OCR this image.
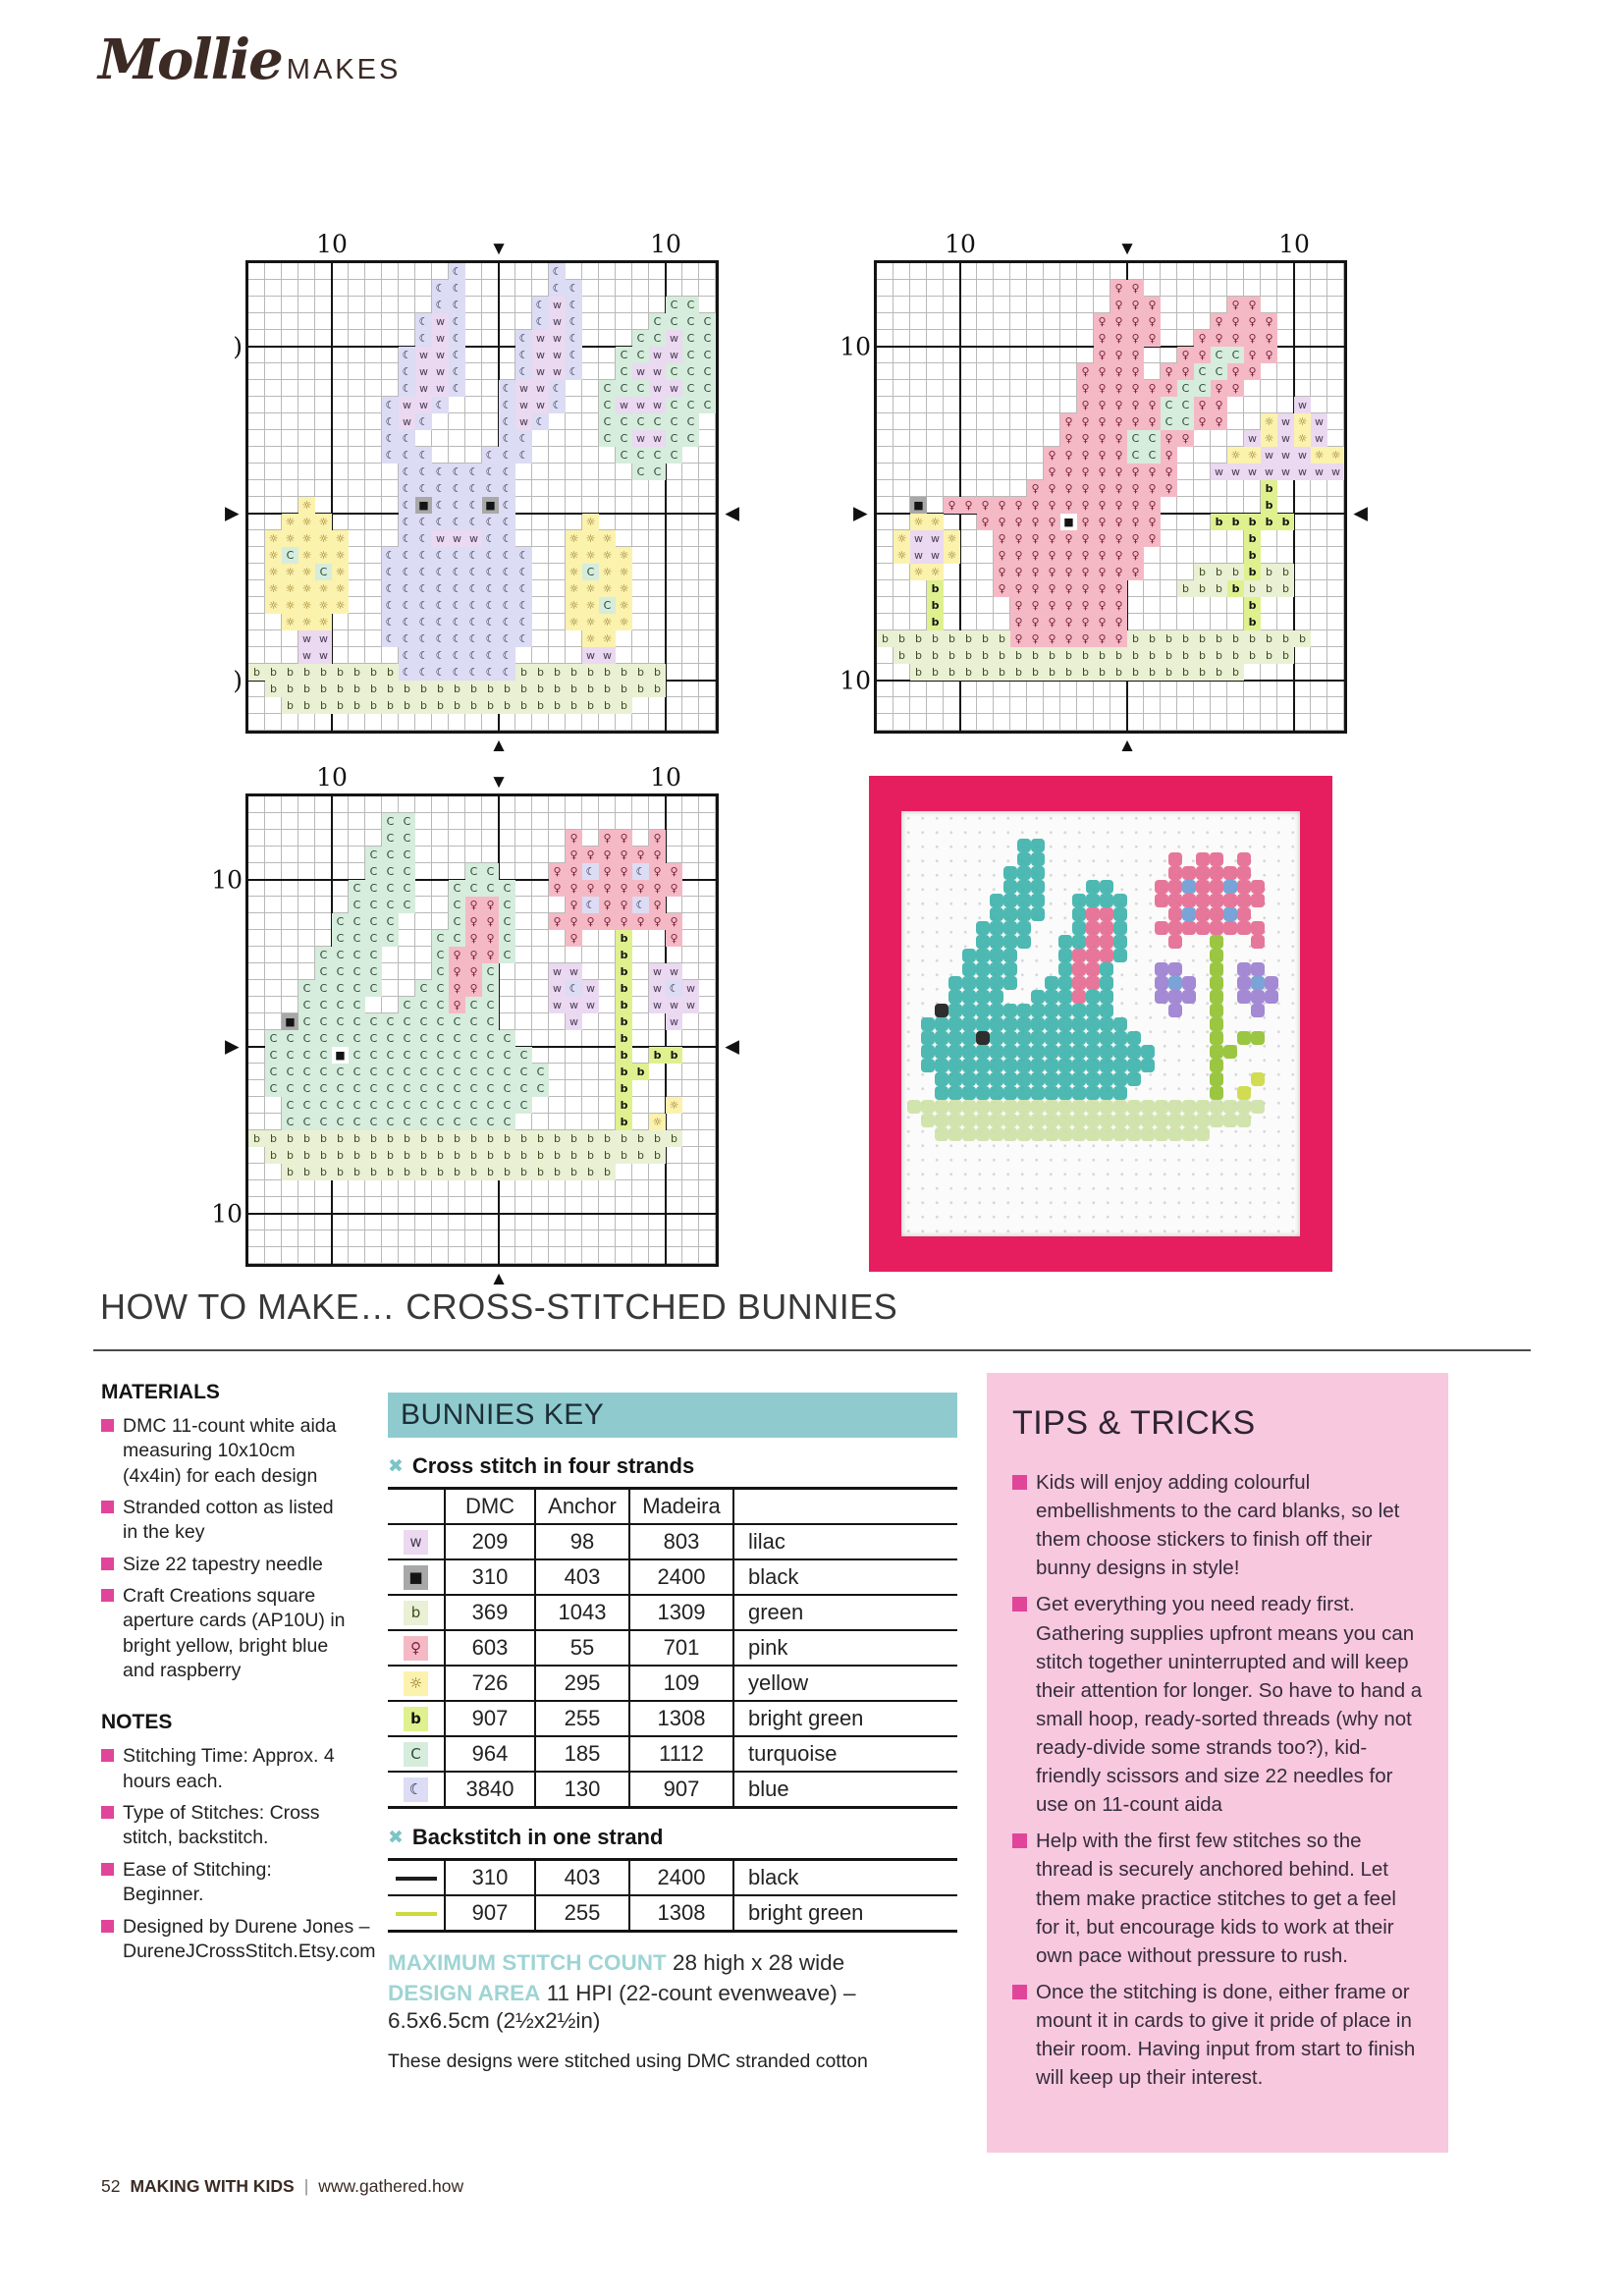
Mollie MAKES
☾	☾
☾ ☾	☾ ☾
☾ ☾	☾ w ☾	C C
☾ w ☾	☾ w ☾	C C C C
☾ w ☾	☾ w w ☾	C C w C C
☾ w w ☾	☾ w w ☾	C C w w C C
☾ w w ☾	☾ w w ☾	C w w C C C
☾ w w ☾	☾ w w ☾	C C C w w C C
☾ w w ☾	☾ w w ☾	C w w w C C C
☾ w ☾	☾ w ☾	C C C C C C
☾ ☾	☾ ☾	C C w w C C
☾ ☾ ☾	☾ ☾ ☾	C C C C
☾ ☾ ☾ ☾ ☾ ☾ ☾	C C
☾ ☾ ☾ ☾ ☾ ☾ ☾
☼	☾ ■ ☾ ☾ ☾ ■ ☾
☼ ☼ ☼	☾ ☾ ☾ ☾ ☾ ☾ ☾	☼
☼ ☼ ☼ ☼ ☼	☾ ☾ w w w ☾ ☾	☼ ☼ ☼
☼ C ☼ ☼ ☼	☾ ☾ ☾ ☾ ☾ ☾ ☾ ☾ ☾	☼ ☼ ☼ ☼
☼ ☼ ☼ C ☼	☾ ☾ ☾ ☾ ☾ ☾ ☾ ☾ ☾	☼ C ☼ ☼
☼ ☼ ☼ ☼ ☼	☾ ☾ ☾ ☾ ☾ ☾ ☾ ☾ ☾	☼ ☼ ☼ ☼
☼ ☼ ☼ ☼ ☼	☾ ☾ ☾ ☾ ☾ ☾ ☾ ☾ ☾	☼ ☼ C ☼
☼ ☼ ☼	☾ ☾ ☾ ☾ ☾ ☾ ☾ ☾ ☾	☼ ☼ ☼ ☼
w w	☾ ☾ ☾ ☾ ☾ ☾ ☾ ☾ ☾	☼ ☼
w w	☾ ☾ ☾ ☾ ☾ ☾ ☾	w w
b b b b b b b b b ☾ ☾ ☾ ☾ ☾ ☾ ☾ b b b b b b b b b
b b b b b b b b b b b b b b b b b b b b b b b b
b b b b b b b b b b b b b b b b b b b b b
10
)
10
)
▼
▲
▶	◀
♀ ♀
♀ ♀ ♀	♀ ♀
♀ ♀ ♀ ♀	♀ ♀ ♀ ♀
♀ ♀ ♀ ♀	♀ ♀ ♀ ♀ ♀
♀ ♀ ♀	♀ ♀ C C ♀ ♀
♀ ♀ ♀ ♀	♀ ♀ C C ♀ ♀
♀ ♀ ♀ ♀ ♀ ♀ C C ♀ ♀
♀ ♀ ♀ ♀ ♀ C C ♀ ♀	w
♀ ♀ ♀ ♀ ♀ ♀ C C ♀ ♀	☼ w ☼ w
♀ ♀ ♀ ♀ C C ♀ ♀	w ☼ w ☼ w
♀ ♀ ♀ ♀ ♀ C C ♀	☼ ☼ w w w ☼ ☼
♀ ♀ ♀ ♀ ♀ ♀ ♀ ♀	w w w w w w w w
♀ ♀ ♀ ♀ ♀ ♀ ♀ ♀ ♀	b
■	♀ ♀ ♀ ♀ ♀ ♀ ♀ ♀ ♀ ♀ ♀ ♀ ♀	b
☼ ☼	♀ ♀ ♀ ♀ ♀ ■ ♀ ♀ ♀ ♀ ♀	b b b b b
☼ w w ☼	♀ ♀ ♀ ♀ ♀ ♀ ♀ ♀ ♀ ♀	b
☼ w w ☼	♀ ♀ ♀ ♀ ♀ ♀ ♀ ♀ ♀	b
☼ ☼	♀ ♀ ♀ ♀ ♀ ♀ ♀ ♀ ♀	b b b b b b
b	♀ ♀ ♀ ♀ ♀ ♀ ♀ ♀	b b b b b b b
b	♀ ♀ ♀ ♀ ♀ ♀ ♀	b
b	♀ ♀ ♀ ♀ ♀ ♀ ♀	b
b b b b b b b b ♀ ♀ ♀ ♀ ♀ ♀ ♀ b b b b b b b b b b b
b b b b b b b b b b b b b b b b b b b b b b b b
b b b b b b b b b b b b b b b b b b b b
10
10
10
10
▼
▲
▶	◀
C C
C C	♀	♀ ♀	♀
C C C	♀ ♀ ♀ ♀ ♀ ♀
C C C	C C	♀ ♀ ☾ ♀ ♀ ☾ ♀ ♀
C C C C	C C C C	♀ ♀ ♀ ♀ ♀ ♀ ♀ ♀
C C C C	C ♀ ♀ C	♀ ☾ ♀ ♀ ☾ ♀
C C C C	C ♀ ♀ C	♀ ♀ ♀ ♀ ♀ ♀ ♀ ♀
C C C C	C C ♀ ♀ C	♀	b	♀
C C C C	C ♀ ♀ ♀ C	b
C C C C	C ♀ ♀ C	w w	b	w w
C C C C C	C C ♀ ♀ C	w ☾ w	b	w ☾ w
C C C C	C C C ♀ C C	w w w	b	w w w
■ C C C C C C C C C C C C	w	b	w
C C C C C C C C C C C C C C C	b
C C C C ■ C C C C C C C C C C C	b	b b
C C C C C C C C C C C C C C C C C	b b
C C C C C C C C C C C C C C C C C	b
C C C C C C C C C C C C C C C	b	☼
C C C C C C C C C C C C C C	b	☼
b b b b b b b b b b b b b b b b b b b b b b b b b b
b b b b b b b b b b b b b b b b b b b b b b b b
b b b b b b b b b b b b b b b b b b b b
10
10
10
10
▼
▲
▶	◀
HOW TO MAKE… CROSS-STITCHED BUNNIES
MATERIALS
DMC 11-count white aida measuring 10x10cm (4x4in) for each design
Stranded cotton as listed in the key
Size 22 tapestry needle
Craft Creations square aperture cards (AP10U) in bright yellow, bright blue and raspberry
NOTES
Stitching Time: Approx. 4 hours each.
Type of Stitches: Cross stitch, backstitch.
Ease of Stitching: Beginner.
Designed by Durene Jones – DureneJCrossStitch.Etsy.com
BUNNIES KEY
✖ Cross stitch in four strands
	DMC	Anchor	Madeira	
w	209	98	803	lilac
■	310	403	2400	black
b	369	1043	1309	green
♀	603	55	701	pink
☼	726	295	109	yellow
b	907	255	1308	bright green
C	964	185	1112	turquoise
☾	3840	130	907	blue
✖ Backstitch in one strand
	310	403	2400	black
	907	255	1308	bright green
MAXIMUM STITCH COUNT 28 high x 28 wide
DESIGN AREA 11 HPI (22-count evenweave) – 6.5x6.5cm (2½x2½in)
These designs were stitched using DMC stranded cotton
TIPS & TRICKS
Kids will enjoy adding colourful embellishments to the card blanks, so let them choose stickers to finish off their bunny designs in style!
Get everything you need ready first. Gathering supplies upfront means you can stitch together uninterrupted and will keep their attention for longer. So have to hand a small hoop, ready-sorted threads (why not ready-divide some strands too?), kid-friendly scissors and size 22 needles for use on 11-count aida
Help with the first few stitches so the thread is securely anchored behind. Let them make practice stitches to get a feel for it, but encourage kids to work at their own pace without pressure to rush.
Once the stitching is done, either frame or mount it in cards to give it pride of place in their room. Having input from start to finish will keep up their interest.
52 MAKING WITH KIDS | www.gathered.how
